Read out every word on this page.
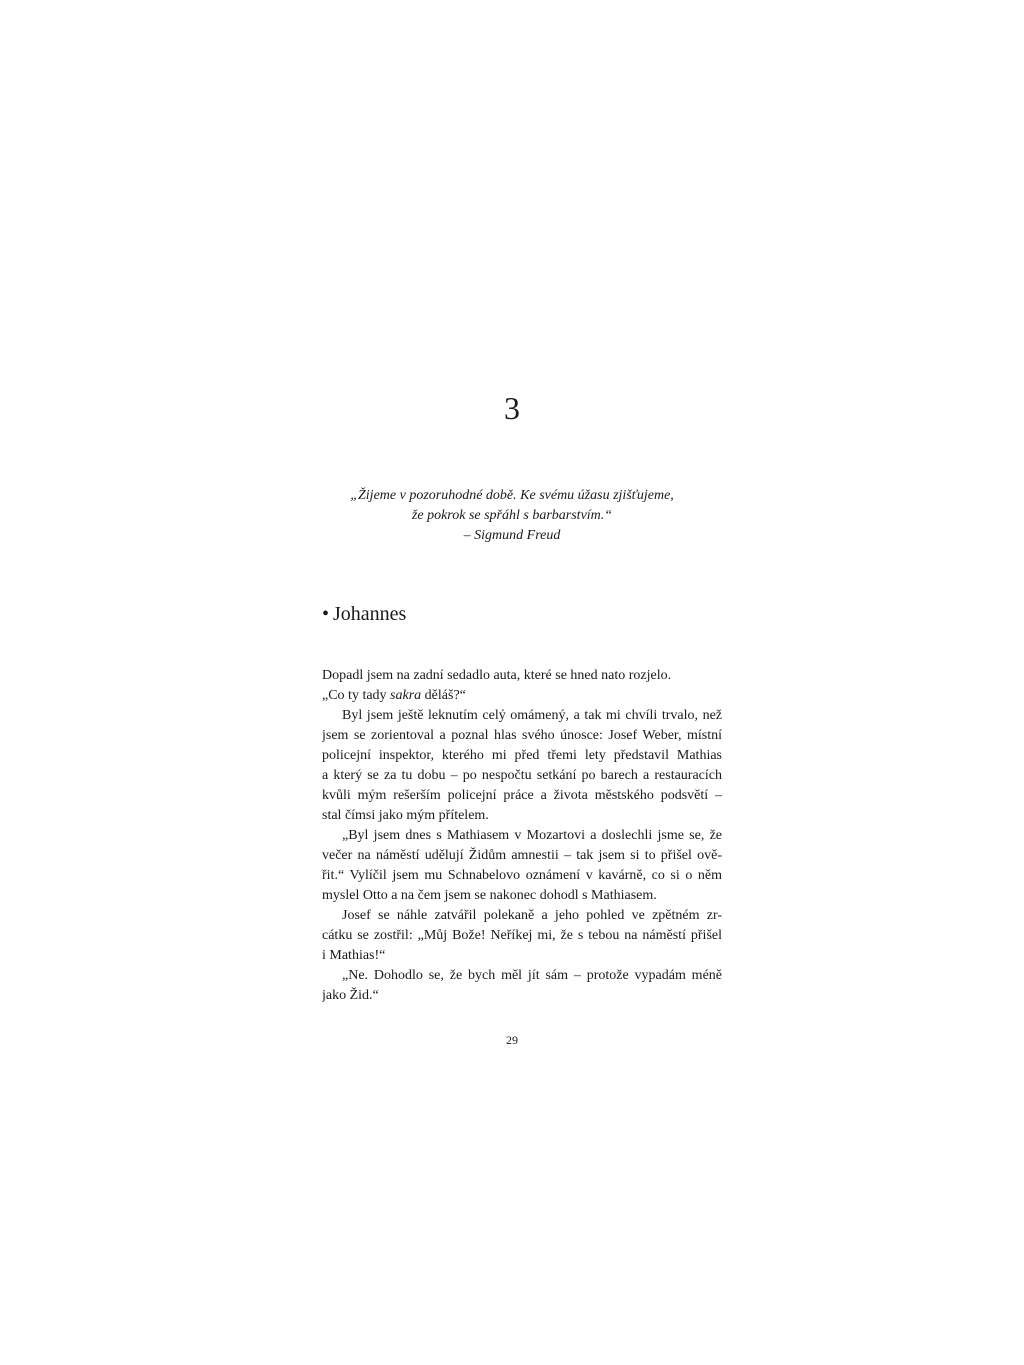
3
„Žijeme v pozoruhodné době. Ke svému úžasu zjišťujeme,
že pokrok se spřáhl s barbarstvím.“
– Sigmund Freud
• Johannes
Dopadl jsem na zadní sedadlo auta, které se hned nato rozjelo.
„Co ty tady sakra děláš?“
Byl jsem ještě leknutím celý omámený, a tak mi chvíli trvalo, než
jsem se zorientoval a poznal hlas svého únosce: Josef Weber, místní
policejní inspektor, kterého mi před třemi lety představil Mathias
a který se za tu dobu – po nespočtu setkání po barech a restauracích
kvůli mým rešerším policejní práce a života městského podsvětí –
stal čímsi jako mým přítelem.
„Byl jsem dnes s Mathiasem v Mozartovi a doslechli jsme se, že
večer na náměstí udělují Židům amnestii – tak jsem si to přišel ově-
řit.“ Vylíčil jsem mu Schnabelovo oznámení v kavárně, co si o něm
myslel Otto a na čem jsem se nakonec dohodl s Mathiasem.
Josef se náhle zatvářil polekaně a jeho pohled ve zpětném zr-
cátku se zostřil: „Můj Bože! Neříkej mi, že s tebou na náměstí přišel
i Mathias!“
„Ne. Dohodlo se, že bych měl jít sám – protože vypadám méně
jako Žid.“
29
